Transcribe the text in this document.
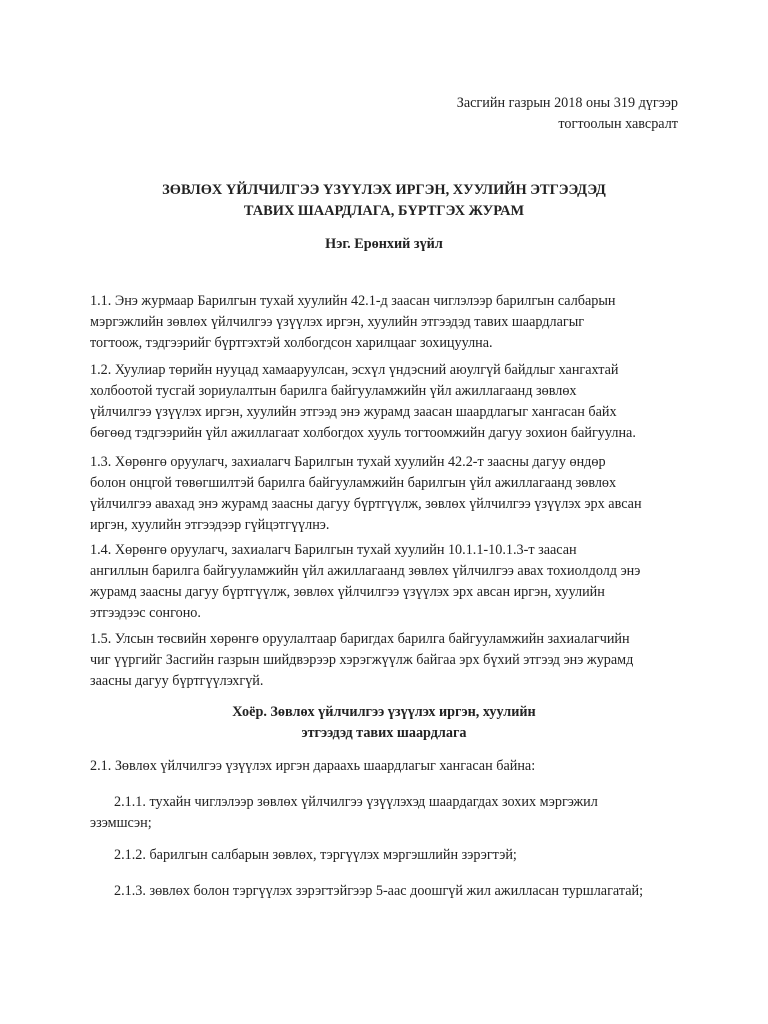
Засгийн газрын 2018 оны 319 дүгээр
тогтоолын хавсралт
ЗӨВЛӨХ ҮЙЛЧИЛГЭЭ ҮЗҮҮЛЭХ ИРГЭН, ХУУЛИЙН ЭТГЭЭДЭД
ТАВИХ ШААРДЛАГА, БҮРТГЭХ ЖУРАМ
Нэг. Ерөнхий зүйл
1.1. Энэ журмаар Барилгын тухай хуулийн 42.1-д заасан чиглэлээр барилгын салбарын
мэргэжлийн зөвлөх үйлчилгээ үзүүлэх иргэн, хуулийн этгээдэд тавих шаардлагыг
тогтоож, тэдгээрийг бүртгэхтэй холбогдсон харилцааг зохицуулна.
1.2. Хуулиар төрийн нууцад хамааруулсан, эсхүл үндэсний аюулгүй байдлыг хангахтай
холбоотой тусгай зориулалтын барилга байгууламжийн үйл ажиллагаанд зөвлөх
үйлчилгээ үзүүлэх иргэн, хуулийн этгээд энэ журамд заасан шаардлагыг хангасан байх
бөгөөд тэдгээрийн үйл ажиллагаат холбогдох хууль тогтоомжийн дагуу зохион байгуулна.
1.3. Хөрөнгө оруулагч, захиалагч Барилгын тухай хуулийн 42.2-т заасны дагуу өндөр
болон онцгой төвөгшилтэй барилга байгууламжийн барилгын үйл ажиллагаанд зөвлөх
үйлчилгээ авахад энэ журамд заасны дагуу бүртгүүлж, зөвлөх үйлчилгээ үзүүлэх эрх авсан
иргэн, хуулийн этгээдээр гүйцэтгүүлнэ.
1.4. Хөрөнгө оруулагч, захиалагч Барилгын тухай хуулийн 10.1.1-10.1.3-т заасан
ангиллын барилга байгууламжийн үйл ажиллагаанд зөвлөх үйлчилгээ авах тохиолдолд энэ
журамд заасны дагуу бүртгүүлж, зөвлөх үйлчилгээ үзүүлэх эрх авсан иргэн, хуулийн
этгээдээс сонгоно.
1.5. Улсын төсвийн хөрөнгө оруулалтаар баригдах барилга байгууламжийн захиалагчийн
чиг үүргийг Засгийн газрын шийдвэрээр хэрэгжүүлж байгаа эрх бүхий этгээд энэ журамд
заасны дагуу бүртгүүлэхгүй.
Хоёр. Зөвлөх үйлчилгээ үзүүлэх иргэн, хуулийн
этгээдэд тавих шаардлага
2.1. Зөвлөх үйлчилгээ үзүүлэх иргэн дараахь шаардлагыг хангасан байна:
2.1.1. тухайн чиглэлээр зөвлөх үйлчилгээ үзүүлэхэд шаардагдах зохих мэргэжил
эзэмшсэн;
2.1.2. барилгын салбарын зөвлөх, тэргүүлэх мэргэшлийн зэрэгтэй;
2.1.3. зөвлөх болон тэргүүлэх зэрэгтэйгээр 5-аас доошгүй жил ажилласан туршлагатай;
